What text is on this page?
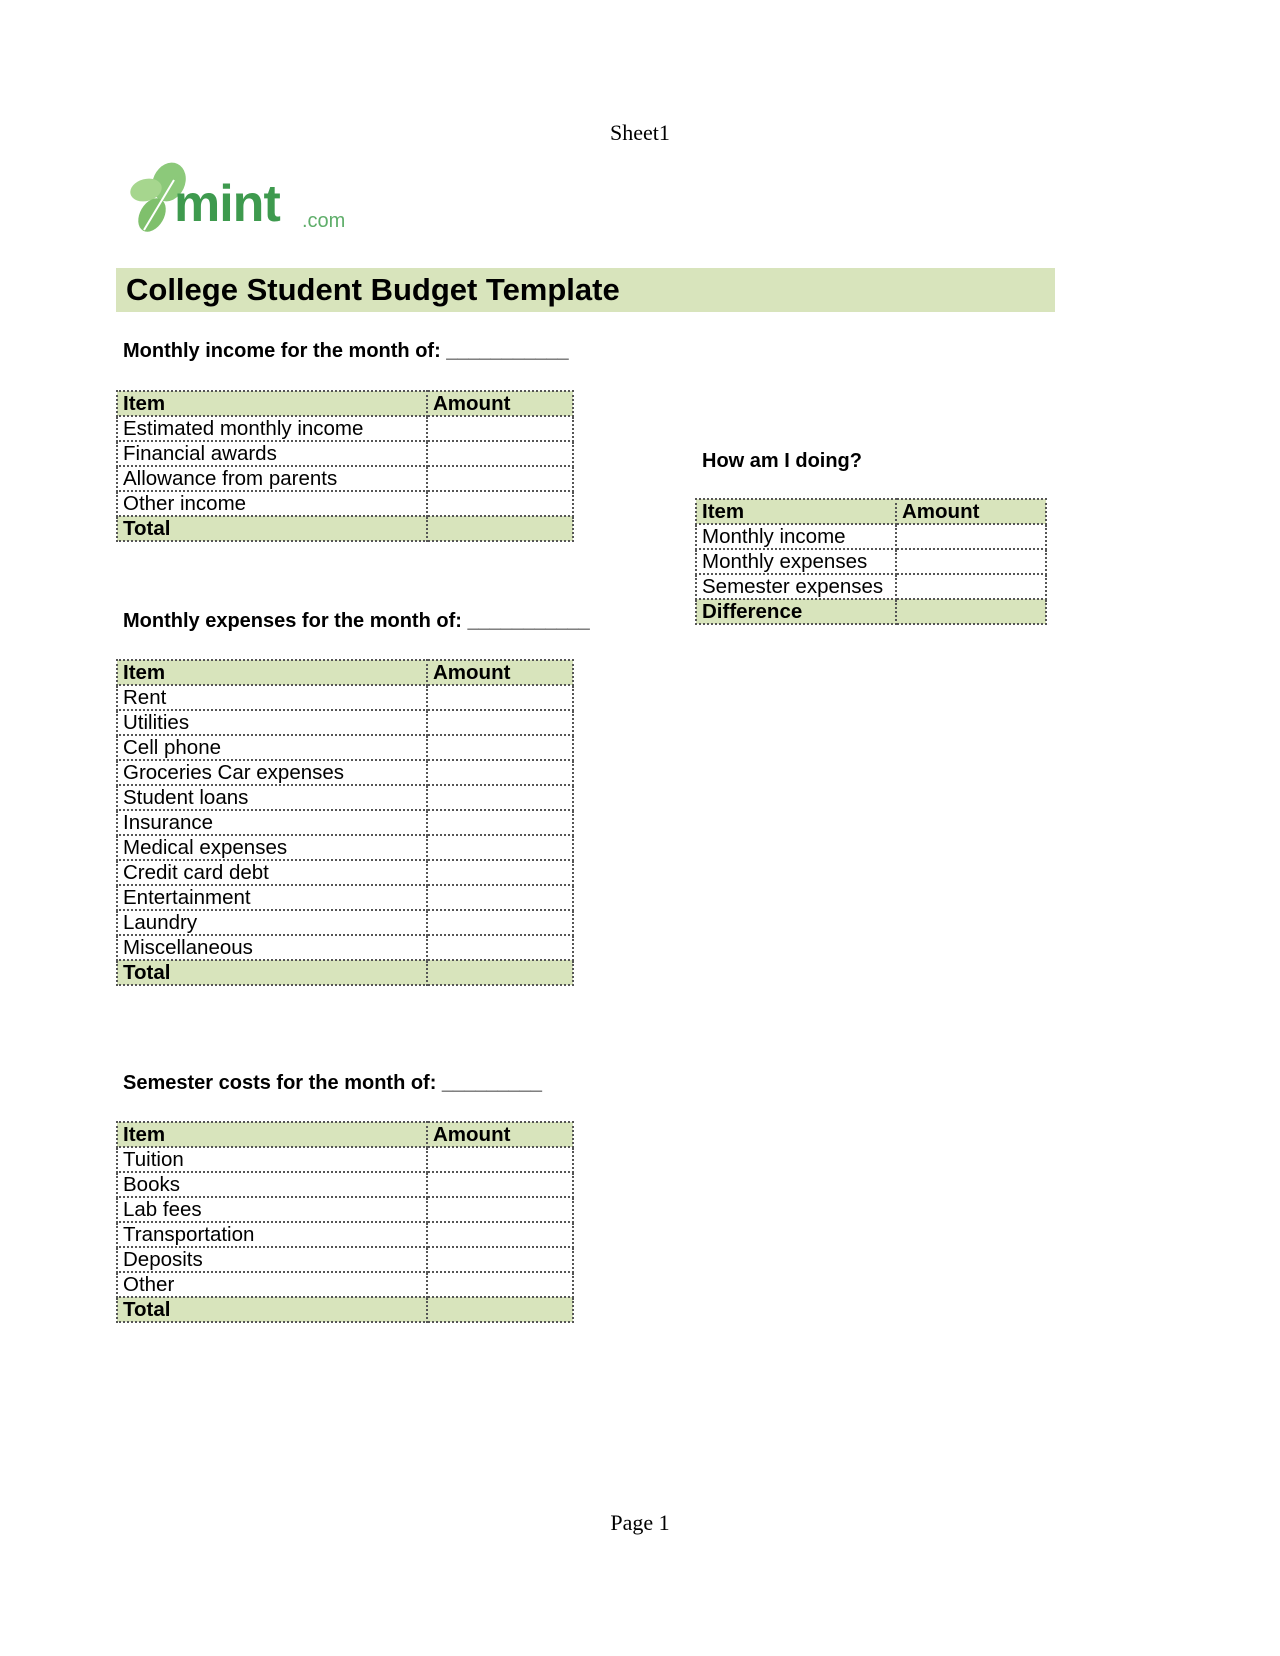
Sheet1
mint .com
College Student Budget Template
Monthly income for the month of: ___________
Item	Amount
Estimated monthly income	
Financial awards	
Allowance from parents	
Other income	
Total	
Monthly expenses for the month of: ___________
Item	Amount
Rent	
Utilities	
Cell phone	
Groceries Car expenses	
Student loans	
Insurance	
Medical expenses	
Credit card debt	
Entertainment	
Laundry	
Miscellaneous	
Total	
Semester costs for the month of: _________
Item	Amount
Tuition	
Books	
Lab fees	
Transportation	
Deposits	
Other	
Total	
How am I doing?
Item	Amount
Monthly income	
Monthly expenses	
Semester expenses	
Difference	
Page 1
